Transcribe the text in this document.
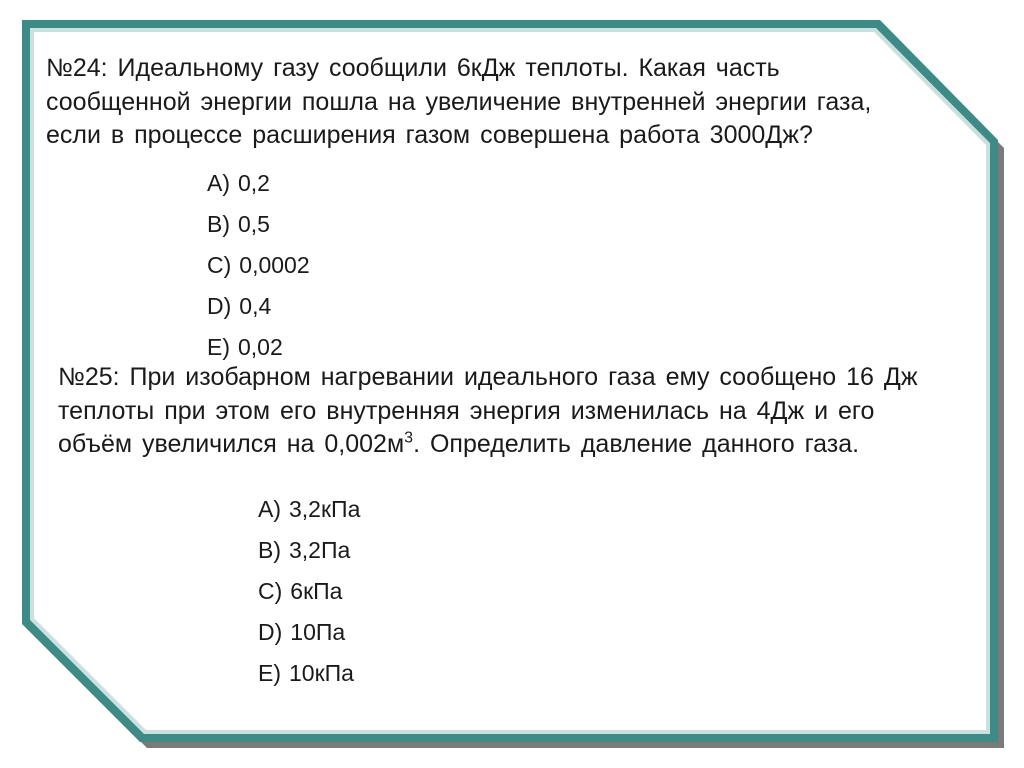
№24: Идеальному газу сообщили 6кДж теплоты. Какая часть сообщенной энергии пошла на увеличение внутренней энергии газа, если в процессе расширения газом совершена работа 3000Дж?
A) 0,2
B) 0,5
C) 0,0002
D) 0,4
E) 0,02
№25: При изобарном нагревании идеального газа ему сообщено 16 Дж теплоты при этом его внутренняя энергия изменилась на 4Дж и его объём увеличился на $0,002м^3$. Определить давление данного газа.
A) 3,2кПа
B) 3,2Па
C) 6кПа
D) 10Па
E) 10кПа
